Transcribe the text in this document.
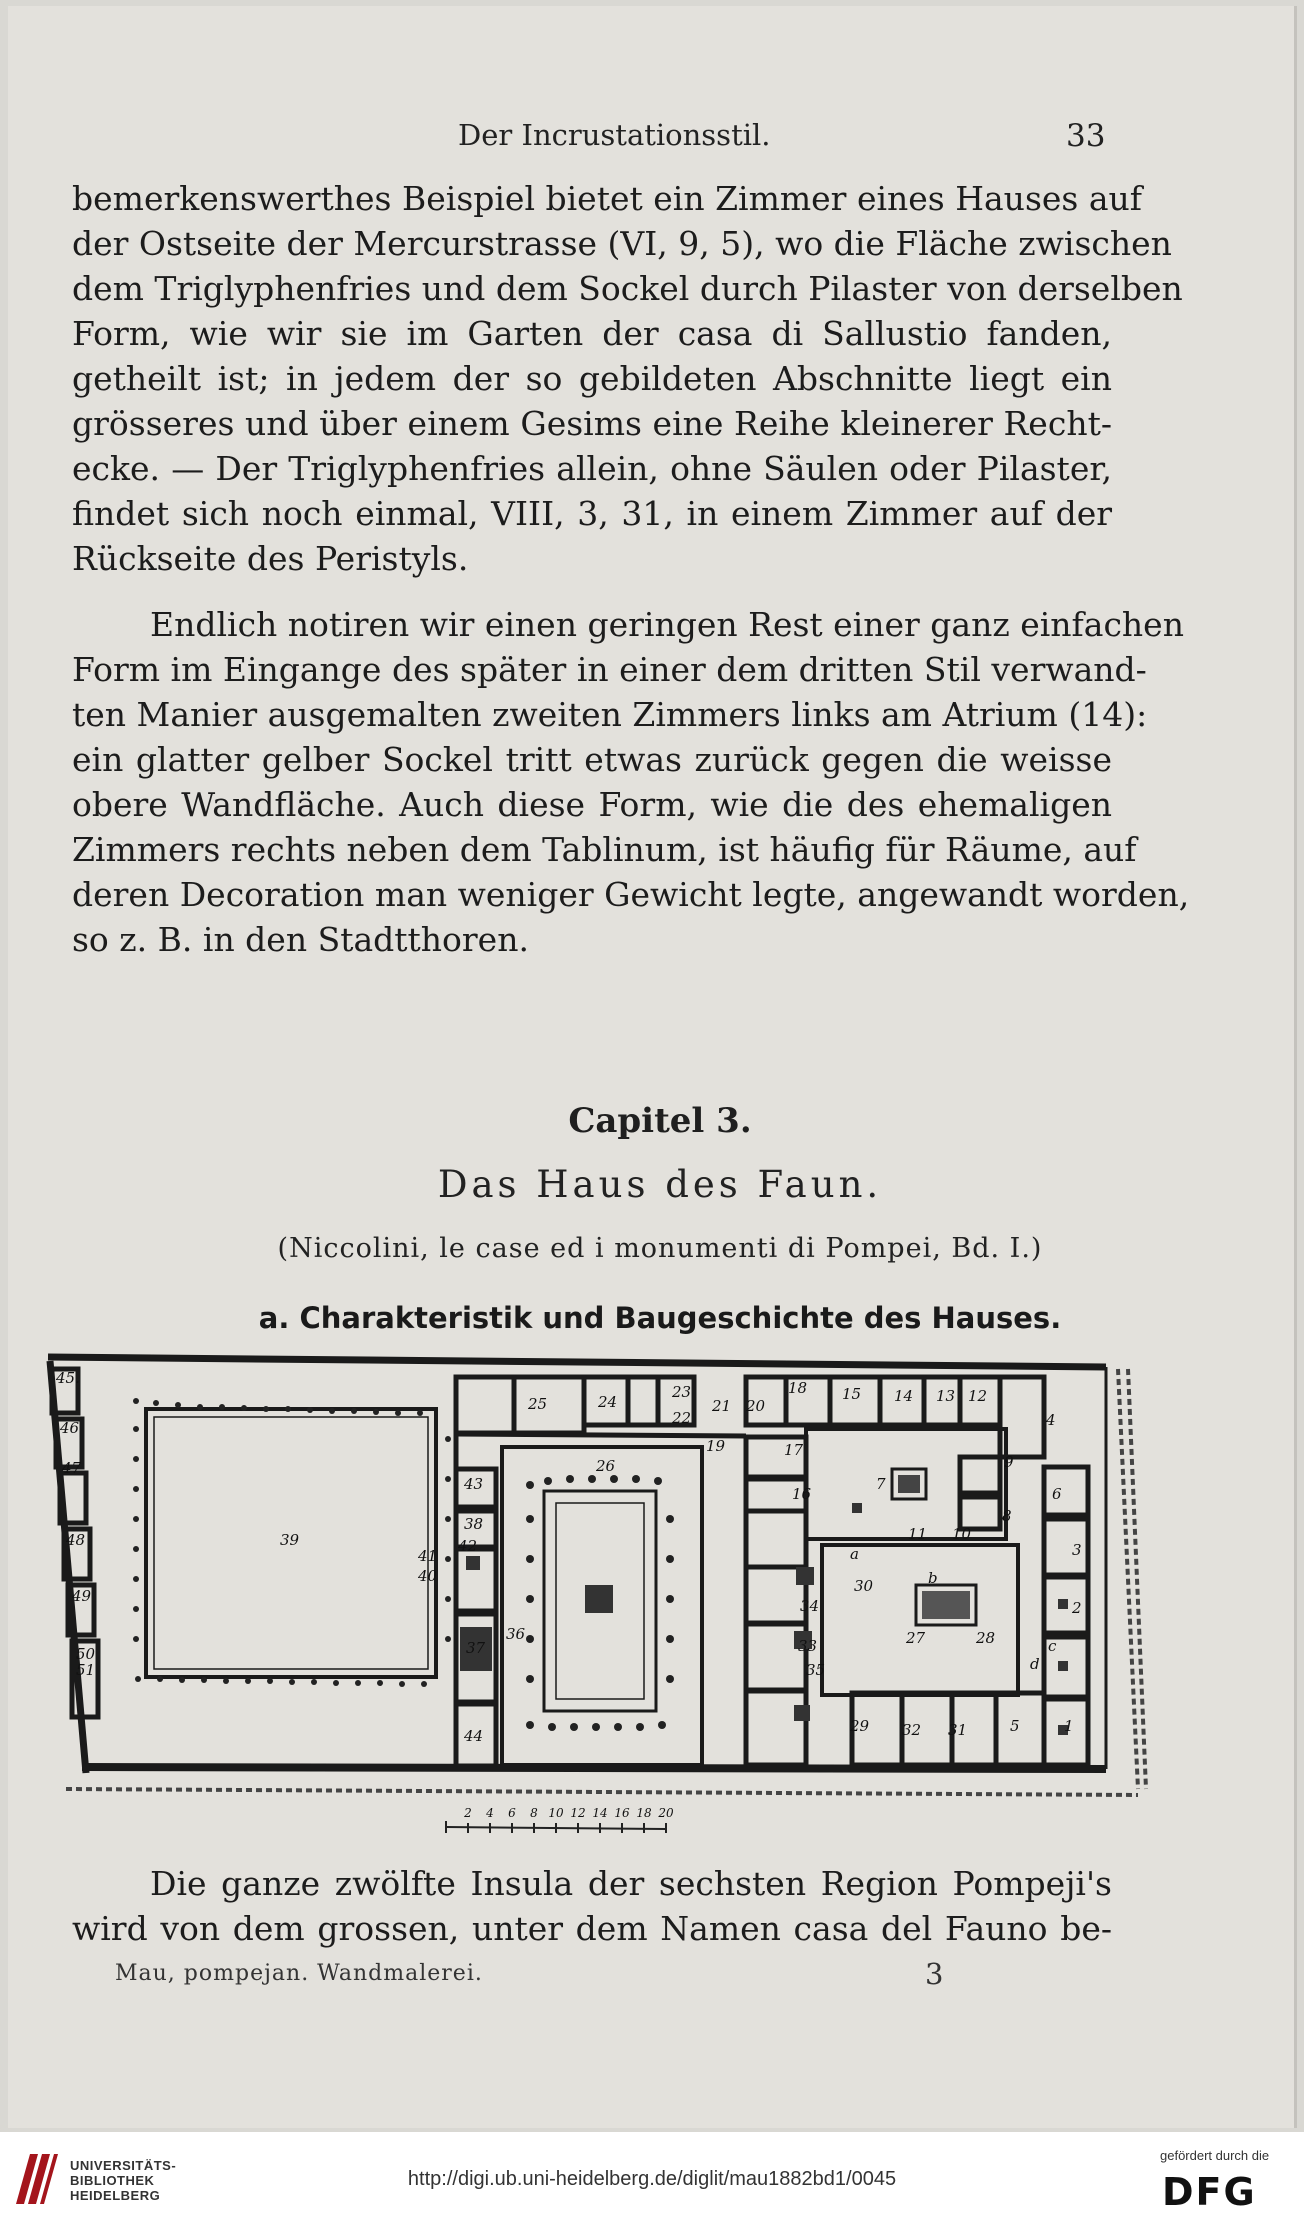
Der Incrustationsstil.	33
bemerkenswerthes Beispiel bietet ein Zimmer eines Hauses auf
der Ostseite der Mercurstrasse (VI, 9, 5), wo die Fläche zwischen
dem Triglyphenfries und dem Sockel durch Pilaster von derselben
Form, wie wir sie im Garten der casa di Sallustio fanden,
getheilt ist; in jedem der so gebildeten Abschnitte liegt ein
grösseres und über einem Gesims eine Reihe kleinerer Recht-
ecke. — Der Triglyphenfries allein, ohne Säulen oder Pilaster,
findet sich noch einmal, VIII, 3, 31, in einem Zimmer auf der
Rückseite des Peristyls.
Endlich notiren wir einen geringen Rest einer ganz einfachen
Form im Eingange des später in einer dem dritten Stil verwand-
ten Manier ausgemalten zweiten Zimmers links am Atrium (14):
ein glatter gelber Sockel tritt etwas zurück gegen die weisse
obere Wandfläche. Auch diese Form, wie die des ehemaligen
Zimmers rechts neben dem Tablinum, ist häufig für Räume, auf
deren Decoration man weniger Gewicht legte, angewandt worden,
so z. B. in den Stadtthoren.
Capitel 3.
Das Haus des Faun.
(Niccolini, le case ed i monumenti di Pompei, Bd. I.)
a. Charakteristik und Baugeschichte des Hauses.
45.
46
47
48
49
50
51
39
41
40
43
42
38
37
36
35
34
33
44
25	24
23
22
21 20
19
18
17
16
15 14 13 12
11 10
9
8
7
6
5
4
3
2
1
26
27	28
29
30
31
32
a
b
c
d
2 4 6 8 10 12 14 16 18 20
Die ganze zwölfte Insula der sechsten Region Pompeji's
wird von dem grossen, unter dem Namen casa del Fauno be-
Mau, pompejan. Wandmalerei.	3
UNIVERSITÄTS-
BIBLIOTHEK
HEIDELBERG
http://digi.ub.uni-heidelberg.de/diglit/mau1882bd1/0045
gefördert durch die
DFG
